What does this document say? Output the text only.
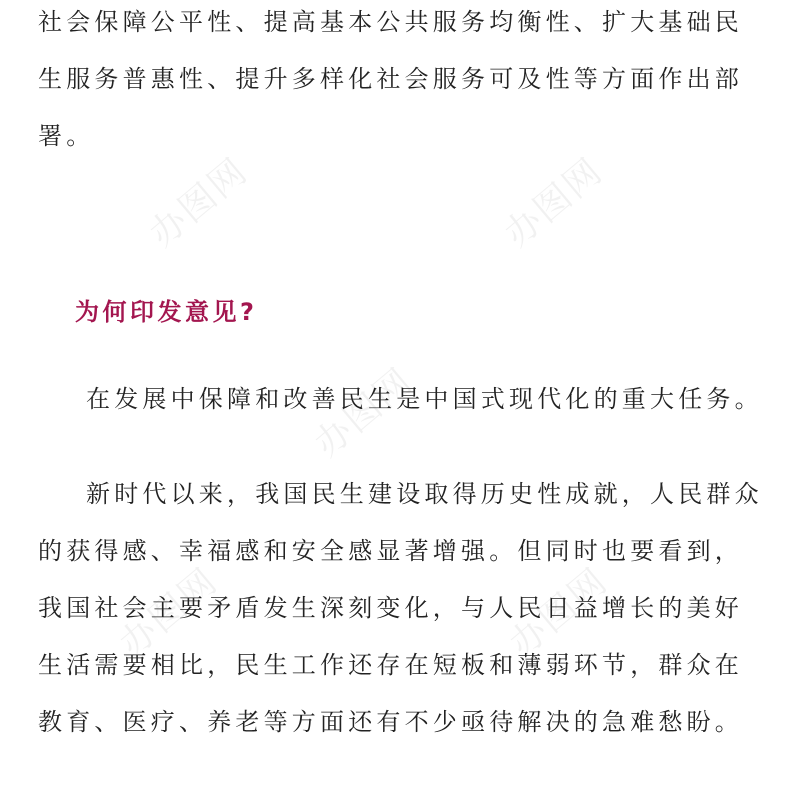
办图网	办图网
办图网
办图网	办图网

社会保障公平性、提高基本公共服务均衡性、扩大基础民生服务普惠性、提升多样化社会服务可及性等方面作出部署。

为何印发意见?

在发展中保障和改善民生是中国式现代化的重大任务。

新时代以来，我国民生建设取得历史性成就，人民群众的获得感、幸福感和安全感显著增强。但同时也要看到，我国社会主要矛盾发生深刻变化，与人民日益增长的美好生活需要相比，民生工作还存在短板和薄弱环节，群众在教育、医疗、养老等方面还有不少亟待解决的急难愁盼。
